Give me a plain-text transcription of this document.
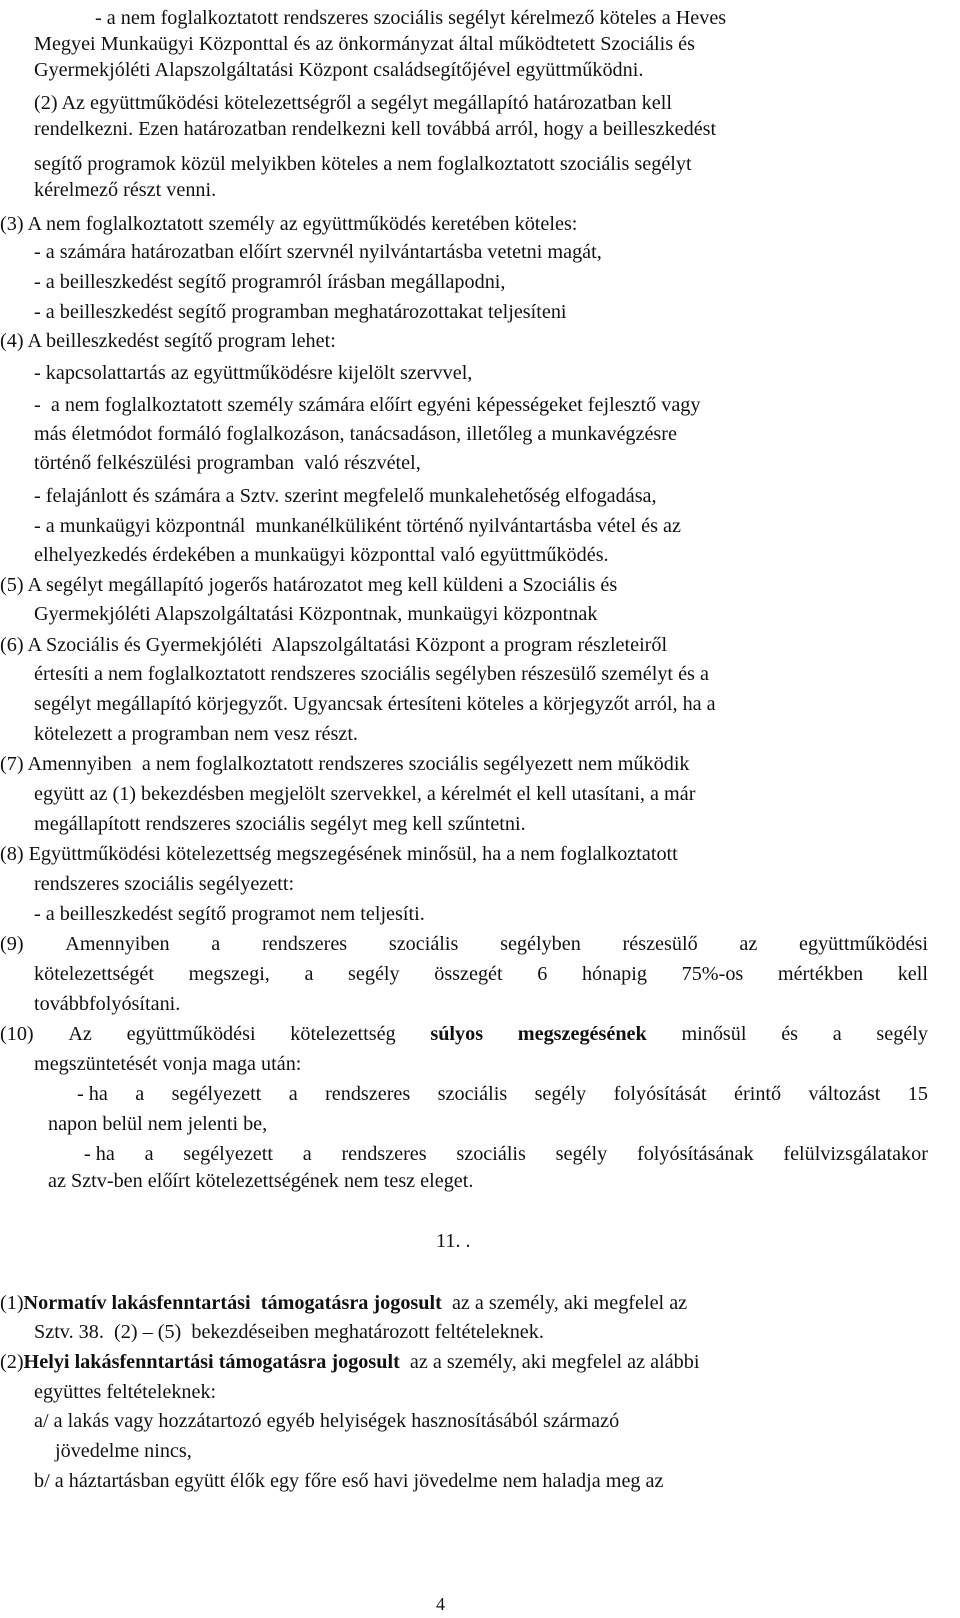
- a nem foglalkoztatott rendszeres szociális segélyt kérelmező köteles a Heves
Megyei Munkaügyi Központtal és az önkormányzat által működtetett Szociális és
Gyermekjóléti Alapszolgáltatási Központ családsegítőjével együttműködni.
(2) Az együttműködési kötelezettségről a segélyt megállapító határozatban kell
rendelkezni. Ezen határozatban rendelkezni kell továbbá arról, hogy a beilleszkedést
segítő programok közül melyikben köteles a nem foglalkoztatott szociális segélyt
kérelmező részt venni.
(3) A nem foglalkoztatott személy az együttműködés keretében köteles:
- a számára határozatban előírt szervnél nyilvántartásba vetetni magát,
- a beilleszkedést segítő programról írásban megállapodni,
- a beilleszkedést segítő programban meghatározottakat teljesíteni
(4) A beilleszkedést segítő program lehet:
- kapcsolattartás az együttműködésre kijelölt szervvel,
-  a nem foglalkoztatott személy számára előírt egyéni képességeket fejlesztő vagy
más életmódot formáló foglalkozáson, tanácsadáson, illetőleg a munkavégzésre
történő felkészülési programban  való részvétel,
- felajánlott és számára a Sztv. szerint megfelelő munkalehetőség elfogadása,
- a munkaügyi központnál  munkanélküliként történő nyilvántartásba vétel és az
elhelyezkedés érdekében a munkaügyi központtal való együttműködés.
(5) A segélyt megállapító jogerős határozatot meg kell küldeni a Szociális és
Gyermekjóléti Alapszolgáltatási Központnak, munkaügyi központnak
(6) A Szociális és Gyermekjóléti  Alapszolgáltatási Központ a program részleteiről
értesíti a nem foglalkoztatott rendszeres szociális segélyben részesülő személyt és a
segélyt megállapító körjegyzőt. Ugyancsak értesíteni köteles a körjegyzőt arról, ha a
kötelezett a programban nem vesz részt.
(7) Amennyiben  a nem foglalkoztatott rendszeres szociális segélyezett nem működik
együtt az (1) bekezdésben megjelölt szervekkel, a kérelmét el kell utasítani, a már
megállapított rendszeres szociális segélyt meg kell szűntetni.
(8) Együttműködési kötelezettség megszegésének minősül, ha a nem foglalkoztatott
rendszeres szociális segélyezett:
- a beilleszkedést segítő programot nem teljesíti.
(9) Amennyiben a rendszeres szociális segélyben részesülő az együttműködési
kötelezettségét megszegi, a segély összegét 6 hónapig 75%-os mértékben kell
továbbfolyósítani.
(10) Az együttműködési kötelezettség súlyos megszegésének minősül és a segély
megszüntetését vonja maga után:
- ha a segélyezett a rendszeres szociális segély folyósítását érintő változást 15
napon belül nem jelenti be,
- ha a segélyezett a rendszeres szociális segély folyósításának felülvizsgálatakor
az Sztv-ben előírt kötelezettségének nem tesz eleget.
11. .
(1)Normatív lakásfenntartási  támogatásra jogosult  az a személy, aki megfelel az
Sztv. 38.  (2) – (5)  bekezdéseiben meghatározott feltételeknek.
(2)Helyi lakásfenntartási támogatásra jogosult  az a személy, aki megfelel az alábbi
együttes feltételeknek:
a/ a lakás vagy hozzátartozó egyéb helyiségek hasznosításából származó
jövedelme nincs,
b/ a háztartásban együtt élők egy főre eső havi jövedelme nem haladja meg az
4
